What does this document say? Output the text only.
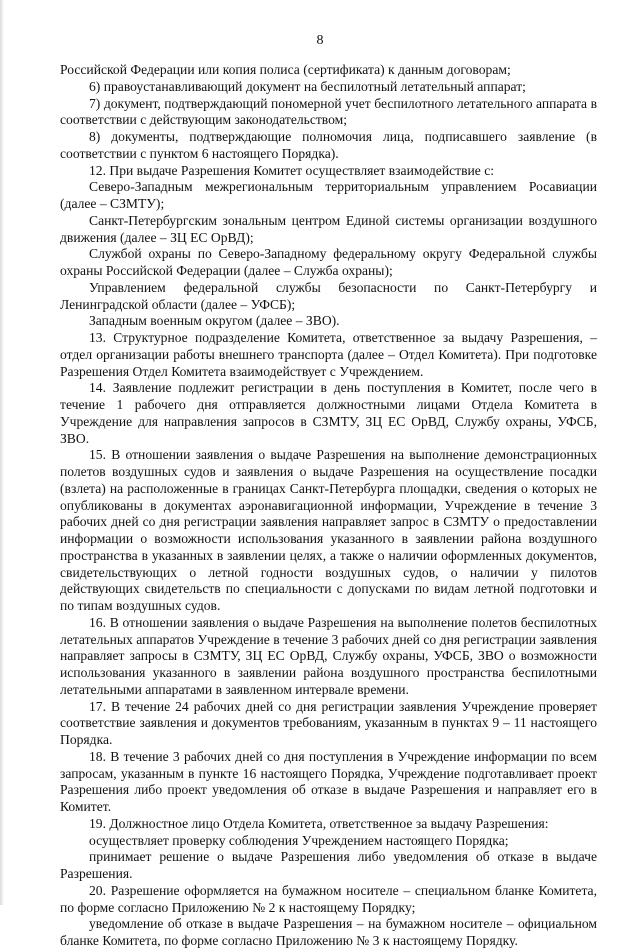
8

Российской Федерации или копия полиса (сертификата) к данным договорам;

6) правоустанавливающий документ на беспилотный летательный аппарат;

7) документ, подтверждающий пономерной учет беспилотного летательного аппарата в соответствии с действующим законодательством;

8) документы, подтверждающие полномочия лица, подписавшего заявление (в соответствии с пунктом 6 настоящего Порядка).

12. При выдаче Разрешения Комитет осуществляет взаимодействие с:

Северо-Западным межрегиональным территориальным управлением Росавиации (далее – СЗМТУ);

Санкт-Петербургским зональным центром Единой системы организации воздушного движения (далее – ЗЦ ЕС ОрВД);

Службой охраны по Северо-Западному федеральному округу Федеральной службы охраны Российской Федерации (далее – Служба охраны);

Управлением федеральной службы безопасности по Санкт-Петербургу и Ленинградской области (далее – УФСБ);

Западным военным округом (далее – ЗВО).

13. Структурное подразделение Комитета, ответственное за выдачу Разрешения, – отдел организации работы внешнего транспорта (далее – Отдел Комитета). При подготовке Разрешения Отдел Комитета взаимодействует с Учреждением.

14. Заявление подлежит регистрации в день поступления в Комитет, после чего в течение 1 рабочего дня отправляется должностными лицами Отдела Комитета в Учреждение для направления запросов в СЗМТУ, ЗЦ ЕС ОрВД, Службу охраны, УФСБ, ЗВО.

15. В отношении заявления о выдаче Разрешения на выполнение демонстрационных полетов воздушных судов и заявления о выдаче Разрешения на осуществление посадки (взлета) на расположенные в границах Санкт-Петербурга площадки, сведения о которых не опубликованы в документах аэронавигационной информации, Учреждение в течение 3 рабочих дней со дня регистрации заявления направляет запрос в СЗМТУ о предоставлении информации о возможности использования указанного в заявлении района воздушного пространства в указанных в заявлении целях, а также о наличии оформленных документов, свидетельствующих о летной годности воздушных судов, о наличии у пилотов действующих свидетельств по специальности с допусками по видам летной подготовки и по типам воздушных судов.

16. В отношении заявления о выдаче Разрешения на выполнение полетов беспилотных летательных аппаратов Учреждение в течение 3 рабочих дней со дня регистрации заявления направляет запросы в СЗМТУ, ЗЦ ЕС ОрВД, Службу охраны, УФСБ, ЗВО о возможности использования указанного в заявлении района воздушного пространства беспилотными летательными аппаратами в заявленном интервале времени.

17. В течение 24 рабочих дней со дня регистрации заявления Учреждение проверяет соответствие заявления и документов требованиям, указанным в пунктах 9 – 11 настоящего Порядка.

18. В течение 3 рабочих дней со дня поступления в Учреждение информации по всем запросам, указанным в пункте 16 настоящего Порядка, Учреждение подготавливает проект Разрешения либо проект уведомления об отказе в выдаче Разрешения и направляет его в Комитет.

19. Должностное лицо Отдела Комитета, ответственное за выдачу Разрешения:

осуществляет проверку соблюдения Учреждением настоящего Порядка;

принимает решение о выдаче Разрешения либо уведомления об отказе в выдаче Разрешения.

20. Разрешение оформляется на бумажном носителе – специальном бланке Комитета, по форме согласно Приложению № 2 к настоящему Порядку;

уведомление об отказе в выдаче Разрешения – на бумажном носителе – официальном бланке Комитета, по форме согласно Приложению № 3 к настоящему Порядку.
